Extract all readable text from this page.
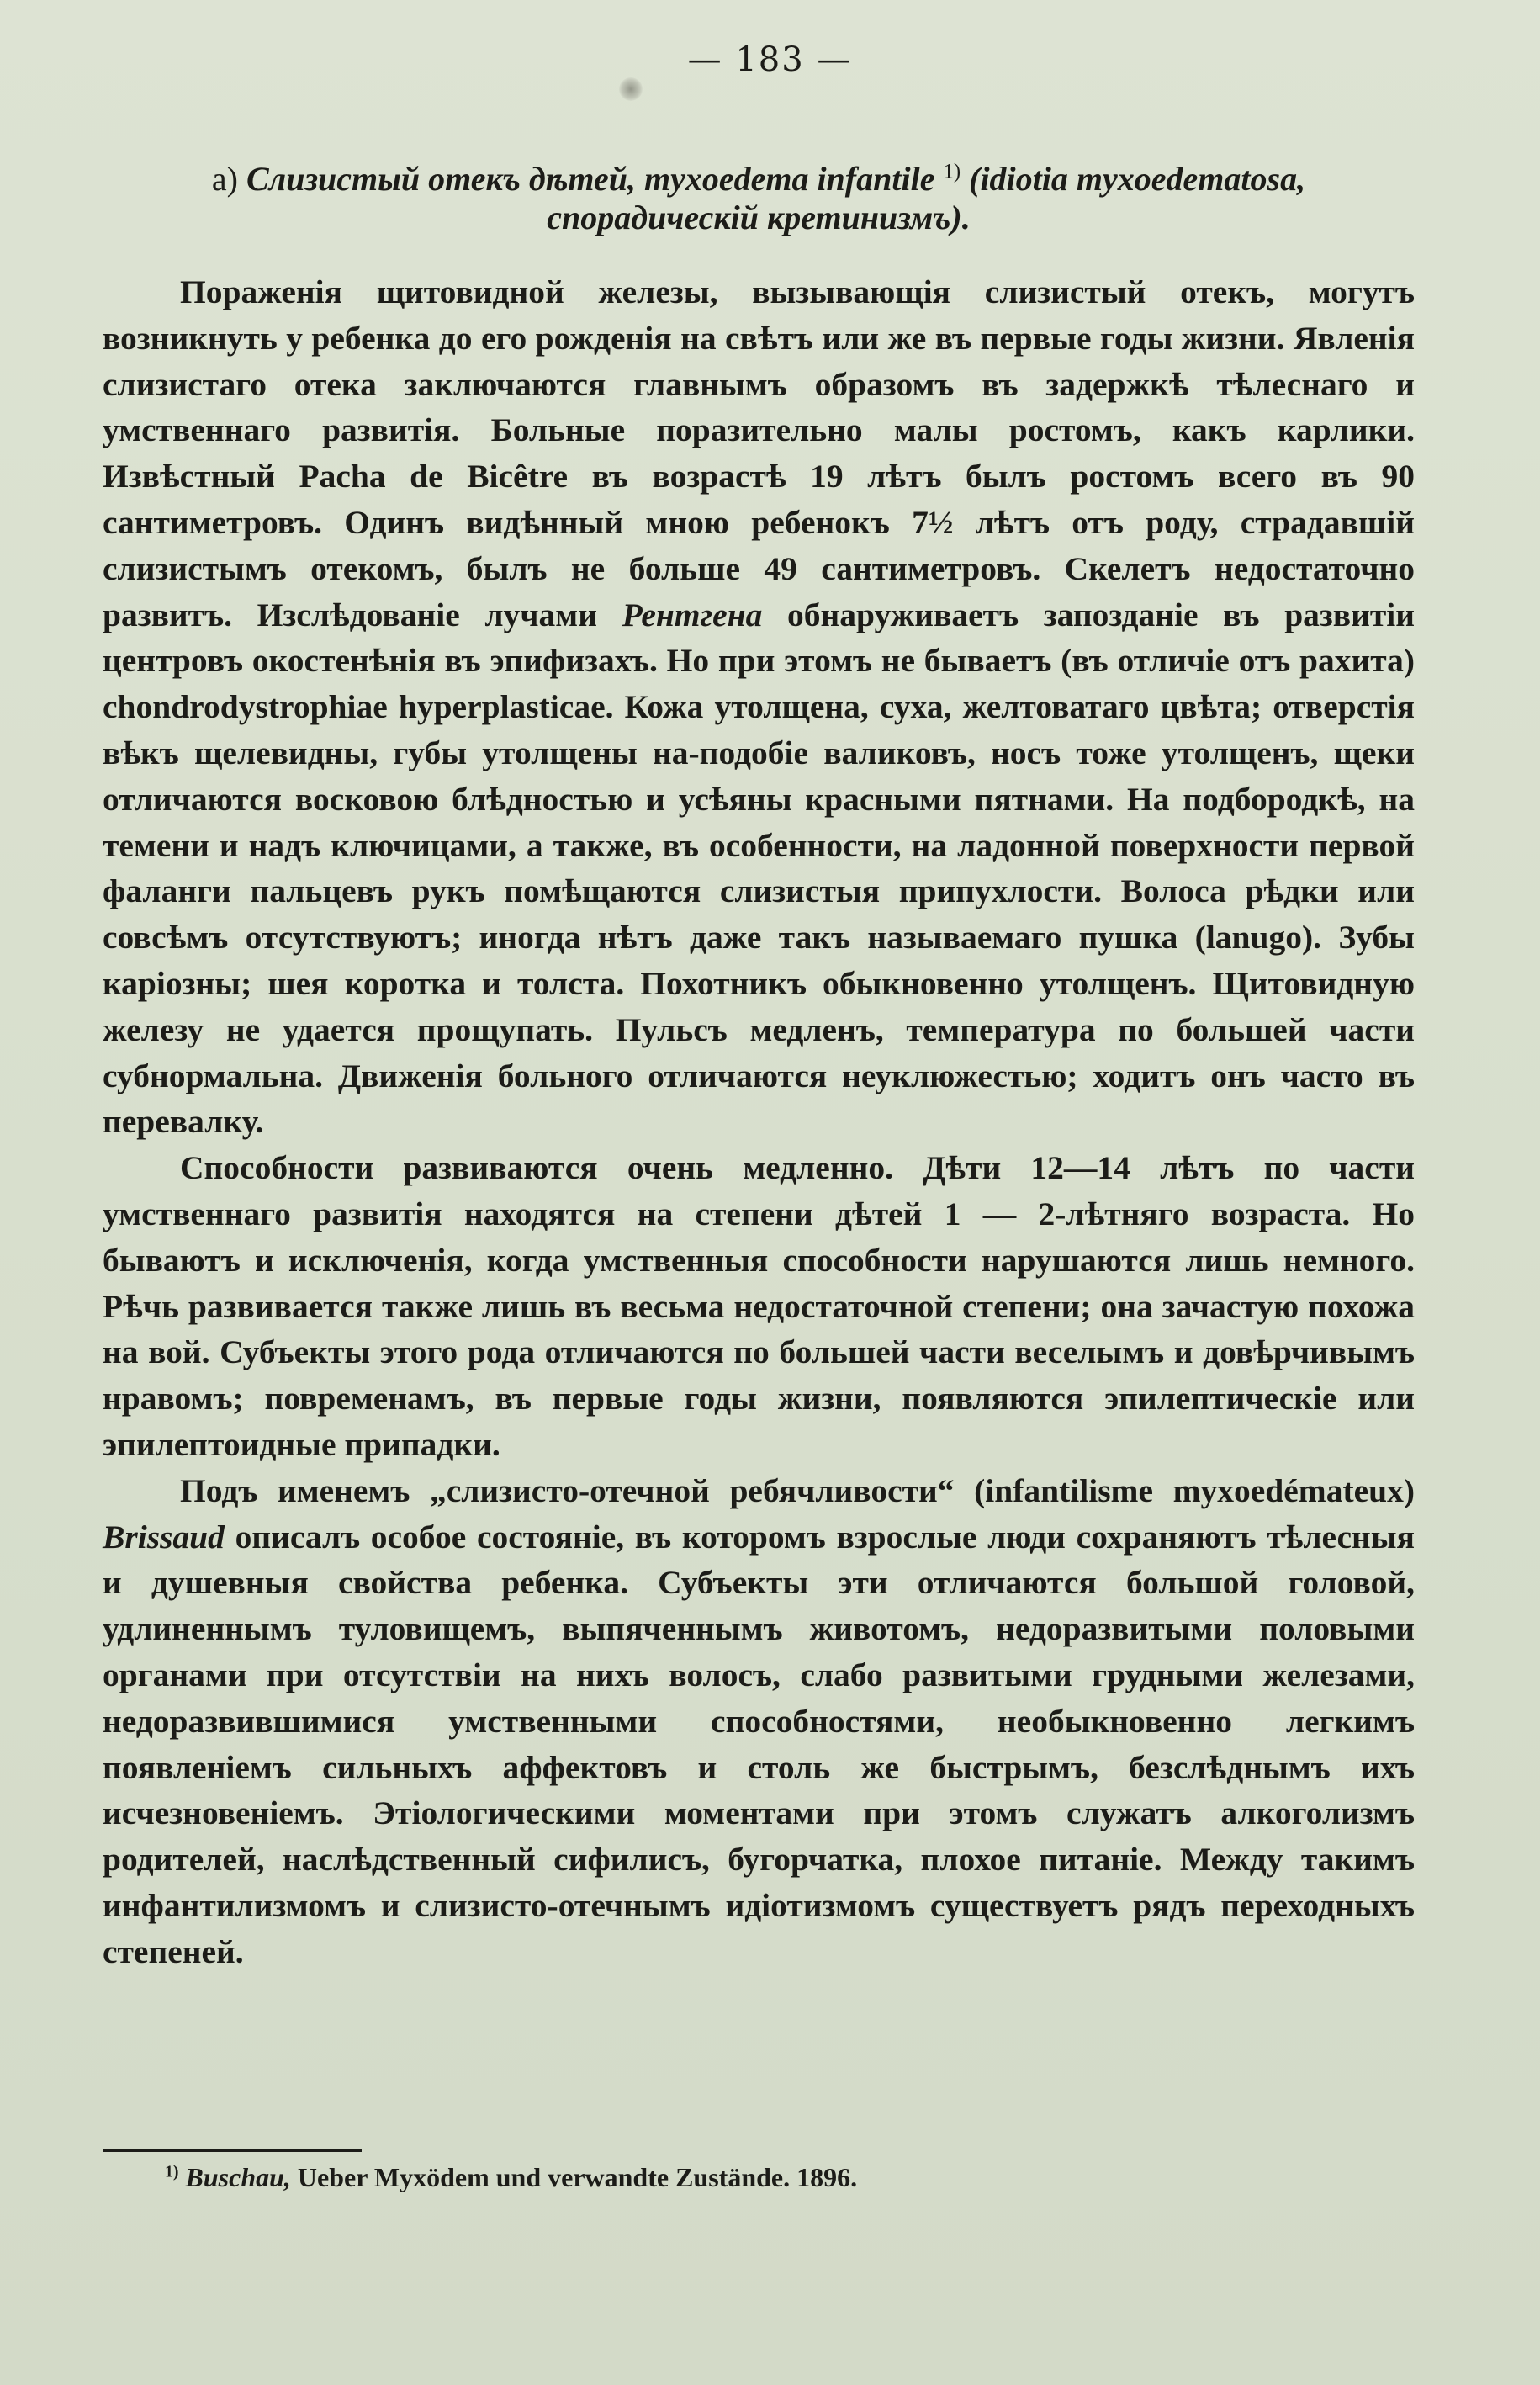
— 183 —

a) Слизистый отекъ дѣтей, myxoedema infantile $^{1)}$ (idiotia myxoedematosa, спорадическій кретинизмъ).

Пораженія щитовидной железы, вызывающія слизистый отекъ, могутъ возникнуть у ребенка до его рожденія на свѣтъ или же въ первые годы жизни. Явленія слизистаго отека заключаются главнымъ образомъ въ задержкѣ тѣлеснаго и умственнаго развитія. Больные поразительно малы ростомъ, какъ карлики. Извѣстный Pacha de Bicêtre въ возрастѣ 19 лѣтъ былъ ростомъ всего въ 90 сантиметровъ. Одинъ видѣнный мною ребенокъ 7½ лѣтъ отъ роду, страдавшій слизистымъ отекомъ, былъ не больше 49 сантиметровъ. Скелетъ недостаточно развитъ. Изслѣдованіе лучами Рентгена обнаруживаетъ запозданіе въ развитіи центровъ окостенѣнія въ эпифизахъ. Но при этомъ не бываетъ (въ отличіе отъ рахита) chondrodystrophiae hyperplasticae. Кожа утолщена, суха, желтоватаго цвѣта; отверстія вѣкъ щелевидны, губы утолщены на-подобіе валиковъ, носъ тоже утолщенъ, щеки отличаются восковою блѣдностью и усѣяны красными пятнами. На подбородкѣ, на темени и надъ ключицами, а также, въ особенности, на ладонной поверхности первой фаланги пальцевъ рукъ помѣщаются слизистыя припухлости. Волоса рѣдки или совсѣмъ отсутствуютъ; иногда нѣтъ даже такъ называемаго пушка (lanugo). Зубы каріозны; шея коротка и толста. Похотникъ обыкновенно утолщенъ. Щитовидную железу не удается прощупать. Пульсъ медленъ, температура по большей части субнормальна. Движенія больного отличаются неуклюжестью; ходитъ онъ часто въ перевалку.

Способности развиваются очень медленно. Дѣти 12—14 лѣтъ по части умственнаго развитія находятся на степени дѣтей 1 — 2-лѣтняго возраста. Но бываютъ и исключенія, когда умственныя способности нарушаются лишь немного. Рѣчь развивается также лишь въ весьма недостаточной степени; она зачастую похожа на вой. Субъекты этого рода отличаются по большей части веселымъ и довѣрчивымъ нравомъ; повременамъ, въ первые годы жизни, появляются эпилептическіе или эпилептоидные припадки.

Подъ именемъ „слизисто-отечной ребячливости“ (infantilisme myxoedémateux) Brissaud описалъ особое состояніе, въ которомъ взрослые люди сохраняютъ тѣлесныя и душевныя свойства ребенка. Субъекты эти отличаются большой головой, удлиненнымъ туловищемъ, выпяченнымъ животомъ, недоразвитыми половыми органами при отсутствіи на нихъ волосъ, слабо развитыми грудными железами, недоразвившимися умственными способностями, необыкновенно легкимъ появленіемъ сильныхъ аффектовъ и столь же быстрымъ, безслѣднымъ ихъ исчезновеніемъ. Этіологическими моментами при этомъ служатъ алкоголизмъ родителей, наслѣдственный сифилисъ, бугорчатка, плохое питаніе. Между такимъ инфантилизмомъ и слизисто-отечнымъ идіотизмомъ существуетъ рядъ переходныхъ степеней.

$^{1)}$ Buschau, Ueber Myxödem und verwandte Zustände. 1896.
